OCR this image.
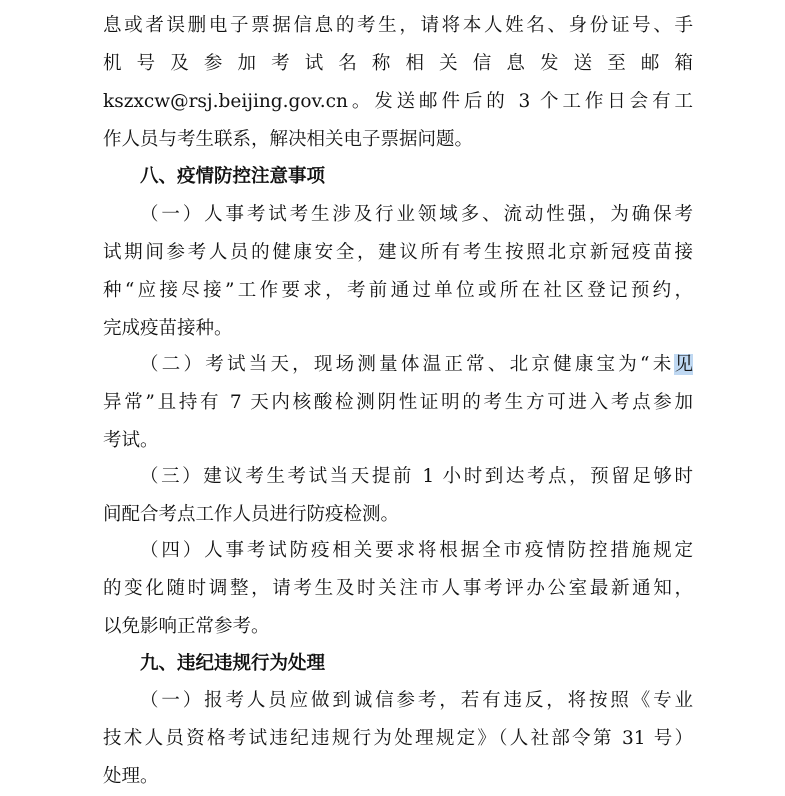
息或者误删电子票据信息的考生，请将本人姓名、身份证号、手
机号及参加考试名称相关信息发送至邮箱
kszxcw@rsj.beijing.gov.cn。发送邮件后的 3 个工作日会有工
作人员与考生联系，解决相关电子票据问题。
八、疫情防控注意事项
（一）人事考试考生涉及行业领域多、流动性强，为确保考
试期间参考人员的健康安全，建议所有考生按照北京新冠疫苗接
种“应接尽接”工作要求，考前通过单位或所在社区登记预约，
完成疫苗接种。
（二）考试当天，现场测量体温正常、北京健康宝为“未见
异常”且持有 7 天内核酸检测阴性证明的考生方可进入考点参加
考试。
（三）建议考生考试当天提前 1 小时到达考点，预留足够时
间配合考点工作人员进行防疫检测。
（四）人事考试防疫相关要求将根据全市疫情防控措施规定
的变化随时调整，请考生及时关注市人事考评办公室最新通知，
以免影响正常参考。
九、违纪违规行为处理
（一）报考人员应做到诚信参考，若有违反，将按照《专业
技术人员资格考试违纪违规行为处理规定》（人社部令第 31 号）
处理。
